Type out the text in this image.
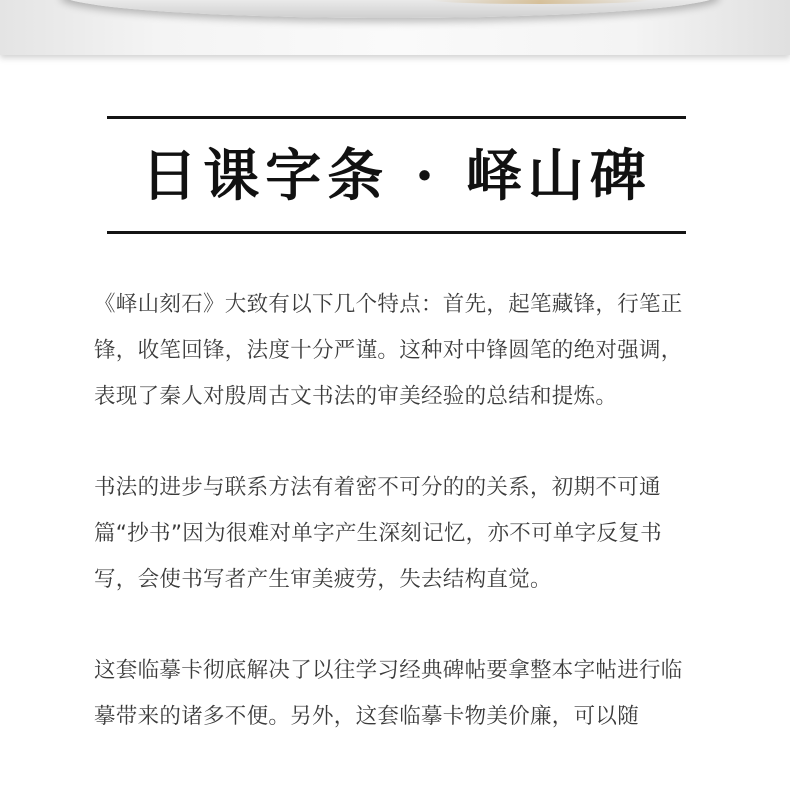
日课字条 · 峄山碑

《峄山刻石》大致有以下几个特点：首先，起笔藏锋，行笔正锋，收笔回锋，法度十分严谨。这种对中锋圆笔的绝对强调，表现了秦人对殷周古文书法的审美经验的总结和提炼。

书法的进步与联系方法有着密不可分的的关系，初期不可通篇“抄书”因为很难对单字产生深刻记忆，亦不可单字反复书写，会使书写者产生审美疲劳，失去结构直觉。

这套临摹卡彻底解决了以往学习经典碑帖要拿整本字帖进行临摹带来的诸多不便。另外，这套临摹卡物美价廉，可以随
